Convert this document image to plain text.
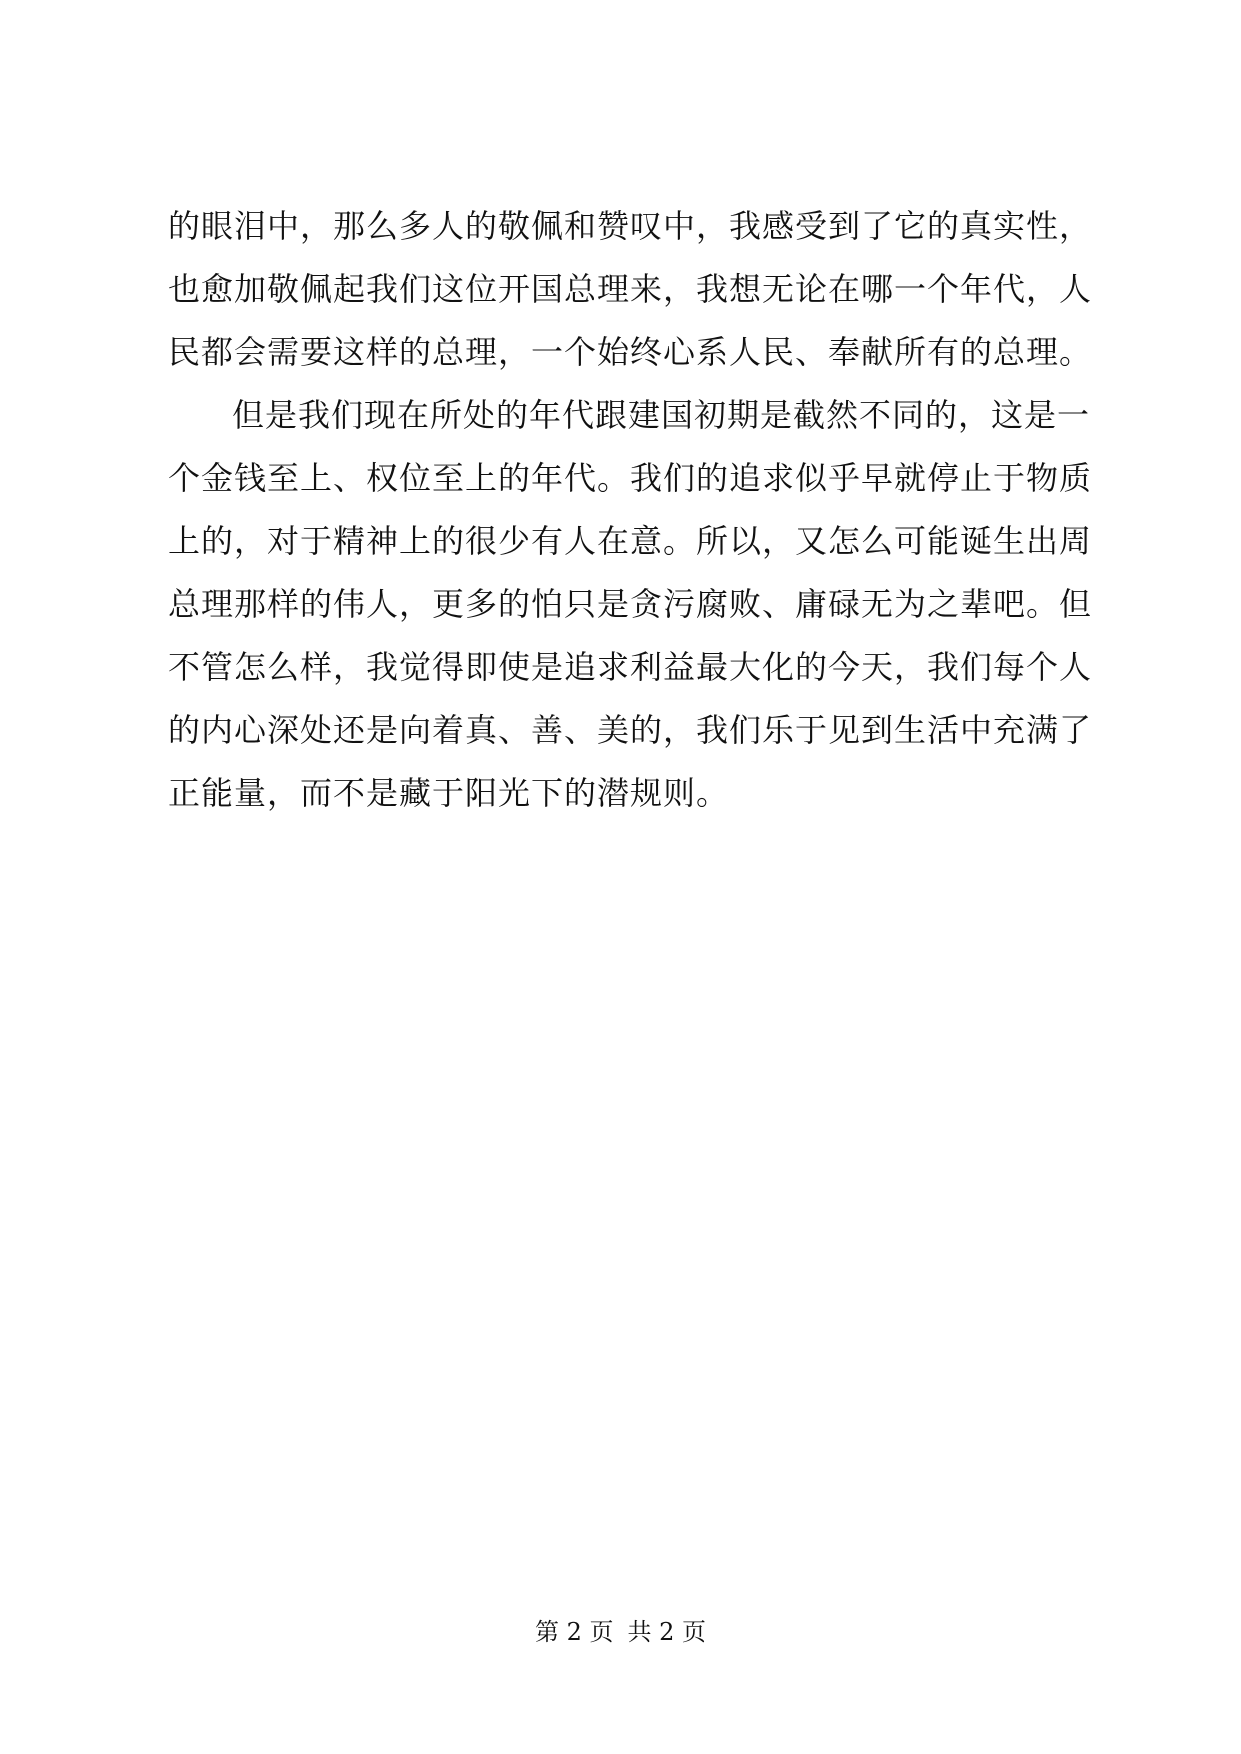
的眼泪中，那么多人的敬佩和赞叹中，我感受到了它的真实性，
也愈加敬佩起我们这位开国总理来，我想无论在哪一个年代，人
民都会需要这样的总理，一个始终心系人民、奉献所有的总理。
但是我们现在所处的年代跟建国初期是截然不同的，这是一
个金钱至上、权位至上的年代。我们的追求似乎早就停止于物质
上的，对于精神上的很少有人在意。所以，又怎么可能诞生出周
总理那样的伟人，更多的怕只是贪污腐败、庸碌无为之辈吧。但
不管怎么样，我觉得即使是追求利益最大化的今天，我们每个人
的内心深处还是向着真、善、美的，我们乐于见到生活中充满了
正能量，而不是藏于阳光下的潜规则。
第 2 页 共 2 页
